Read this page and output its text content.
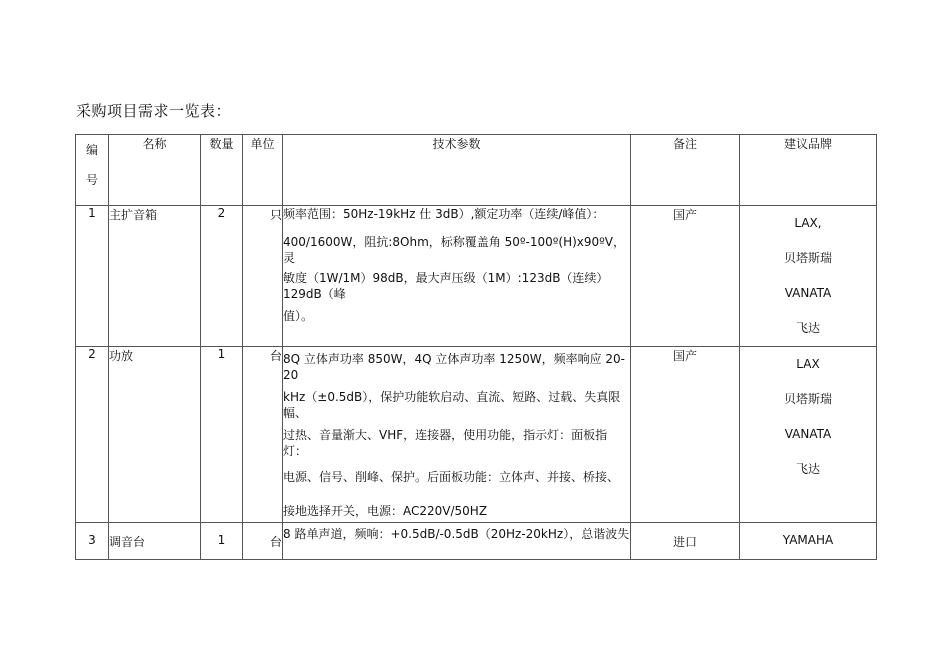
采购项目需求一览表：
编
号	名称	数量	单位	技术参数	备注	建议品牌
1	主扩音箱	2	只	频率范围：50Hz-19kHz 仕 3dB）,额定功率（连续/峰值）：
400/1600W，阻抗:8Ohm，标称覆盖角 50º-100º(H)x90ºV，灵
敏度（1W/1M）98dB，最大声压级（1M）:123dB（连续）129dB（峰
值）。	国产	LAX,
贝塔斯瑞
VANATA
飞达

2	功放	1	台	8Q 立体声功率 850W，4Q 立体声功率 1250W，频率响应 20-20
kHz（±0.5dB），保护功能软启动、直流、短路、过载、失真限幅、
过热、音量渐大、VHF，连接器，使用功能，指示灯：面板指灯：
电源、信号、削峰、保护。后面板功能：立体声、并接、桥接、
接地选择开关，电源：AC220V/50HZ	国产	LAX
贝塔斯瑞
VANATA
飞达

3	调音台	1	台	8 路单声道，频响：+0.5dB/-0.5dB（20Hz-20kHz），总谐波失	进口	YAMAHA
